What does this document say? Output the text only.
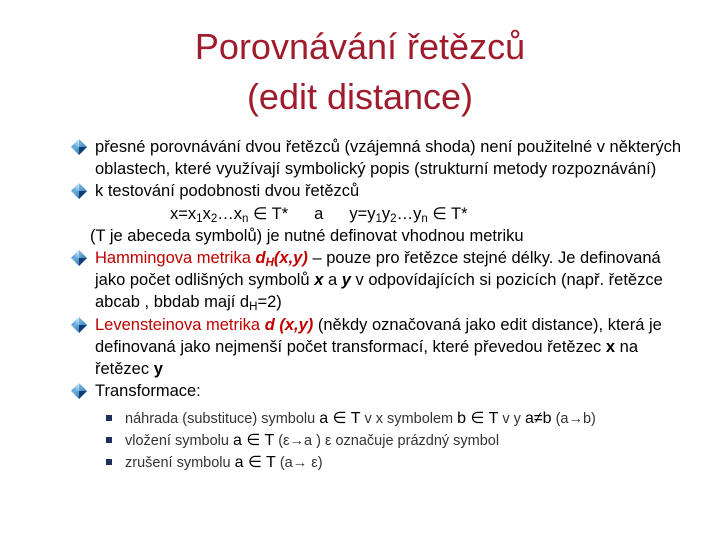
Porovnávání řetězců
(edit distance)
přesné porovnávání dvou řetězců (vzájemná shoda) není použitelné v některých oblastech, které využívají symbolický popis (strukturní metody rozpoznávání)
k testování podobnosti dvou řetězců
$x=x_1x_2\dots x_n$ ∈ T* a $y=y_1y_2\dots y_n$ ∈ T*
(T je abeceda symbolů) je nutné definovat vhodnou metriku
Hammingova metrika $d_H(x,y)$ – pouze pro řetězce stejné délky. Je definovaná jako počet odlišných symbolů x a y v odpovídajících si pozicích (např. řetězce abcab , bbdab mají $d_H=2$)
Levensteinova metrika d (x,y) (někdy označovaná jako edit distance), která je definovaná jako nejmenší počet transformací, které převedou řetězec x na řetězec y
Transformace:
náhrada (substituce) symbolu a ∈ T v x symbolem b ∈ T v y a≠b (a→b)
vložení symbolu a ∈ T (ε→a ) ε označuje prázdný symbol
zrušení symbolu a ∈ T (a→ ε)
